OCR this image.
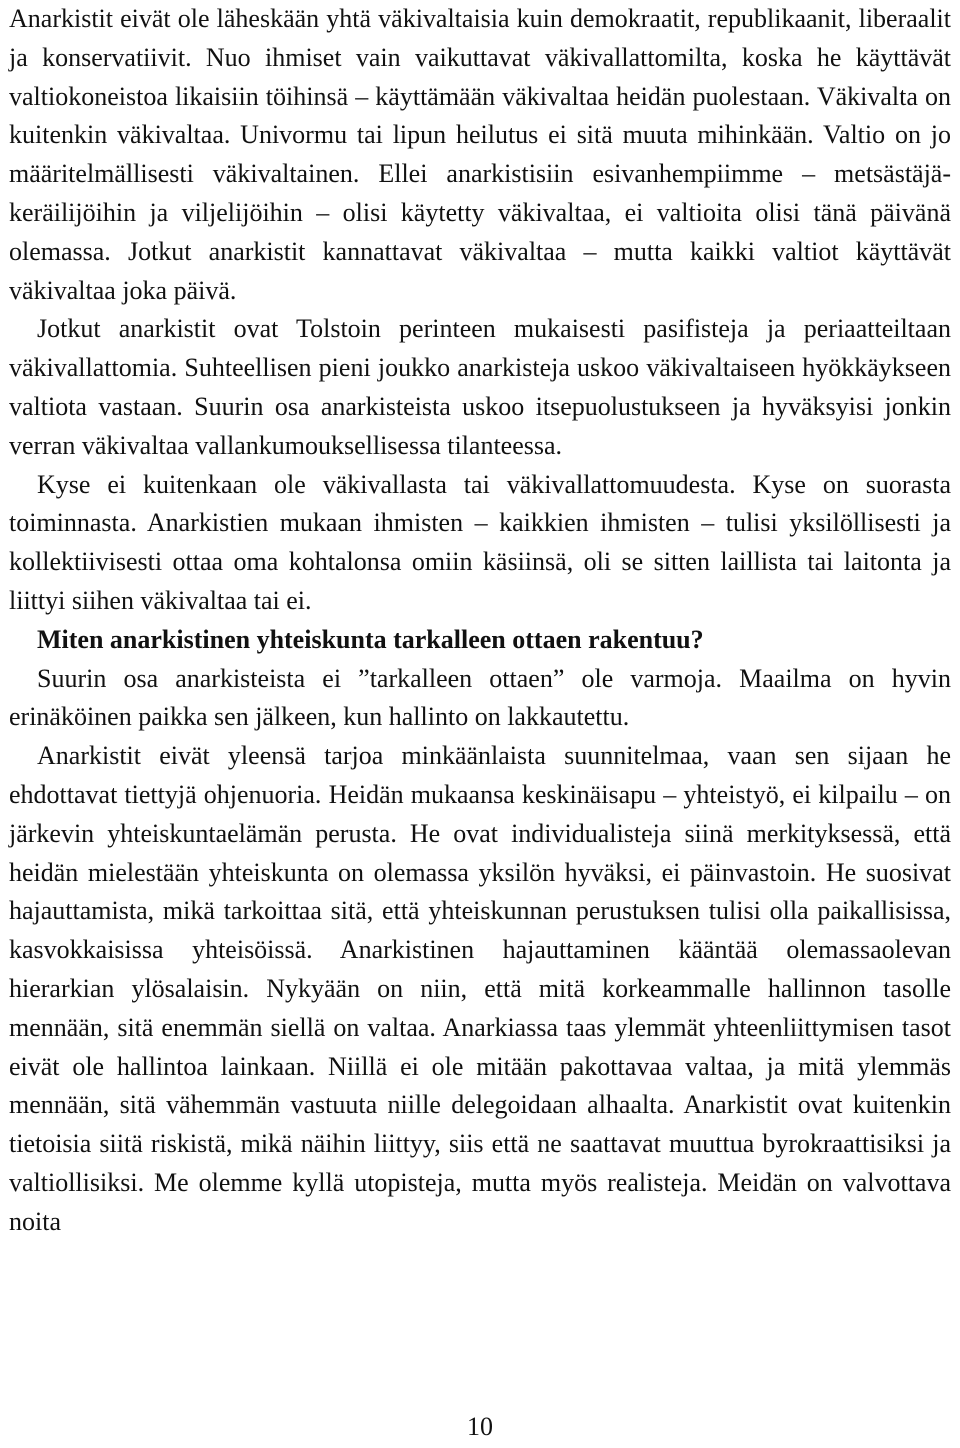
Anarkistit eivät ole läheskään yhtä väkivaltaisia kuin demokraatit, republikaanit, liberaalit ja konservatiivit. Nuo ihmiset vain vaikuttavat väkivallattomilta, koska he käyttävät valtiokoneistoa likaisiin töihinsä – käyttämään väkivaltaa heidän puolestaan. Väkivalta on kuitenkin väkivaltaa. Univormu tai lipun heilutus ei sitä muuta mihinkään. Valtio on jo määritelmällisesti väkivaltainen. Ellei anarkistisiin esivanhempiimme – metsästäjä-keräilijöihin ja viljelijöihin – olisi käytetty väkivaltaa, ei valtioita olisi tänä päivänä olemassa. Jotkut anarkistit kannattavat väkivaltaa – mutta kaikki valtiot käyttävät väkivaltaa joka päivä.

Jotkut anarkistit ovat Tolstoin perinteen mukaisesti pasifisteja ja periaatteiltaan väkivallattomia. Suhteellisen pieni joukko anarkisteja uskoo väkivaltaiseen hyökkäykseen valtiota vastaan. Suurin osa anarkisteista uskoo itsepuolustukseen ja hyväksyisi jonkin verran väkivaltaa vallankumouksellisessa tilanteessa.

Kyse ei kuitenkaan ole väkivallasta tai väkivallattomuudesta. Kyse on suorasta toiminnasta. Anarkistien mukaan ihmisten – kaikkien ihmisten – tulisi yksilöllisesti ja kollektiivisesti ottaa oma kohtalonsa omiin käsiinsä, oli se sitten laillista tai laitonta ja liittyi siihen väkivaltaa tai ei.

Miten anarkistinen yhteiskunta tarkalleen ottaen rakentuu?

Suurin osa anarkisteista ei ”tarkalleen ottaen” ole varmoja. Maailma on hyvin erinäköinen paikka sen jälkeen, kun hallinto on lakkautettu.

Anarkistit eivät yleensä tarjoa minkäänlaista suunnitelmaa, vaan sen sijaan he ehdottavat tiettyjä ohjenuoria. Heidän mukaansa keskinäisapu – yhteistyö, ei kilpailu – on järkevin yhteiskuntaelämän perusta. He ovat individualisteja siinä merkityksessä, että heidän mielestään yhteiskunta on olemassa yksilön hyväksi, ei päinvastoin. He suosivat hajauttamista, mikä tarkoittaa sitä, että yhteiskunnan perustuksen tulisi olla paikallisissa, kasvokkaisissa yhteisöissä. Anarkistinen hajauttaminen kääntää olemassaolevan hierarkian ylösalaisin. Nykyään on niin, että mitä korkeammalle hallinnon tasolle mennään, sitä enemmän siellä on valtaa. Anarkiassa taas ylemmät yhteenliittymisen tasot eivät ole hallintoa lainkaan. Niillä ei ole mitään pakottavaa valtaa, ja mitä ylemmäs mennään, sitä vähemmän vastuuta niille delegoidaan alhaalta. Anarkistit ovat kuitenkin tietoisia siitä riskistä, mikä näihin liittyy, siis että ne saattavat muuttua byrokraattisiksi ja valtiollisiksi. Me olemme kyllä utopisteja, mutta myös realisteja. Meidän on valvottava noita

10
